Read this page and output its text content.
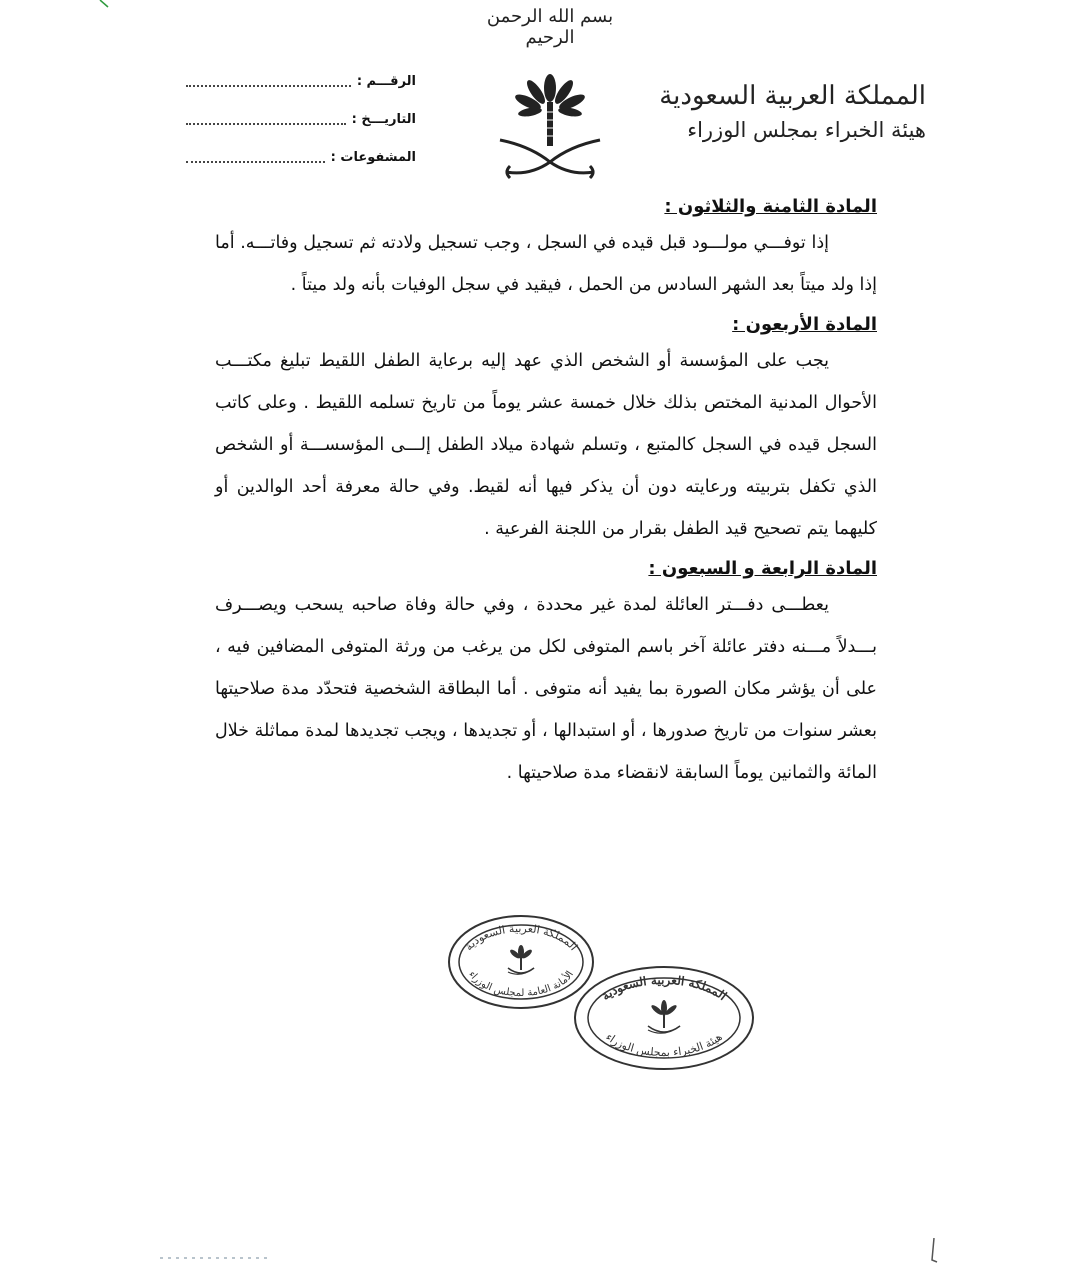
بسم الله الرحمن الرحيم
المملكة العربية السعودية
هيئة الخبراء بمجلس الوزراء
الرقـــم :
التاريـــخ :
المشفوعات :

المادة الثامنة والثلاثون :

إذا توفـــي مولـــود قبل قيده في السجل ، وجب تسجيل ولادته ثم تسجيل وفاتـــه. أما إذا ولد ميتاً بعد الشهر السادس من الحمل ، فيقيد في سجل الوفيات بأنه ولد ميتاً .

المادة الأربعون :

يجب على المؤسسة أو الشخص الذي عهد إليه برعاية الطفل اللقيط تبليغ مكتـــب الأحوال المدنية المختص بذلك خلال خمسة عشر يوماً من تاريخ تسلمه اللقيط . وعلى كاتب السجل قيده في السجل كالمتبع ، وتسلم شهادة ميلاد الطفل إلـــى المؤسســـة أو الشخص الذي تكفل بتربيته ورعايته دون أن يذكر فيها أنه لقيط. وفي حالة معرفة أحد الوالدين أو كليهما يتم تصحيح قيد الطفل بقرار من اللجنة الفرعية .

المادة الرابعة و السبعون :

يعطـــى دفـــتر العائلة لمدة غير محددة ، وفي حالة وفاة صاحبه يسحب ويصـــرف بـــدلاً مـــنه دفتر عائلة آخر باسم المتوفى لكل من يرغب من ورثة المتوفى المضافين فيه ، على أن يؤشر مكان الصورة بما يفيد أنه متوفى . أما البطاقة الشخصية فتحدّد مدة صلاحيتها بعشر سنوات من تاريخ صدورها ، أو استبدالها ، أو تجديدها ، ويجب تجديدها لمدة مماثلة خلال المائة والثمانين يوماً السابقة لانقضاء مدة صلاحيتها .

المملكة العربية السعودية
الأمانة العامة لمجلس الوزراء
المملكة العربية السعودية
هيئة الخبراء بمجلس الوزراء
